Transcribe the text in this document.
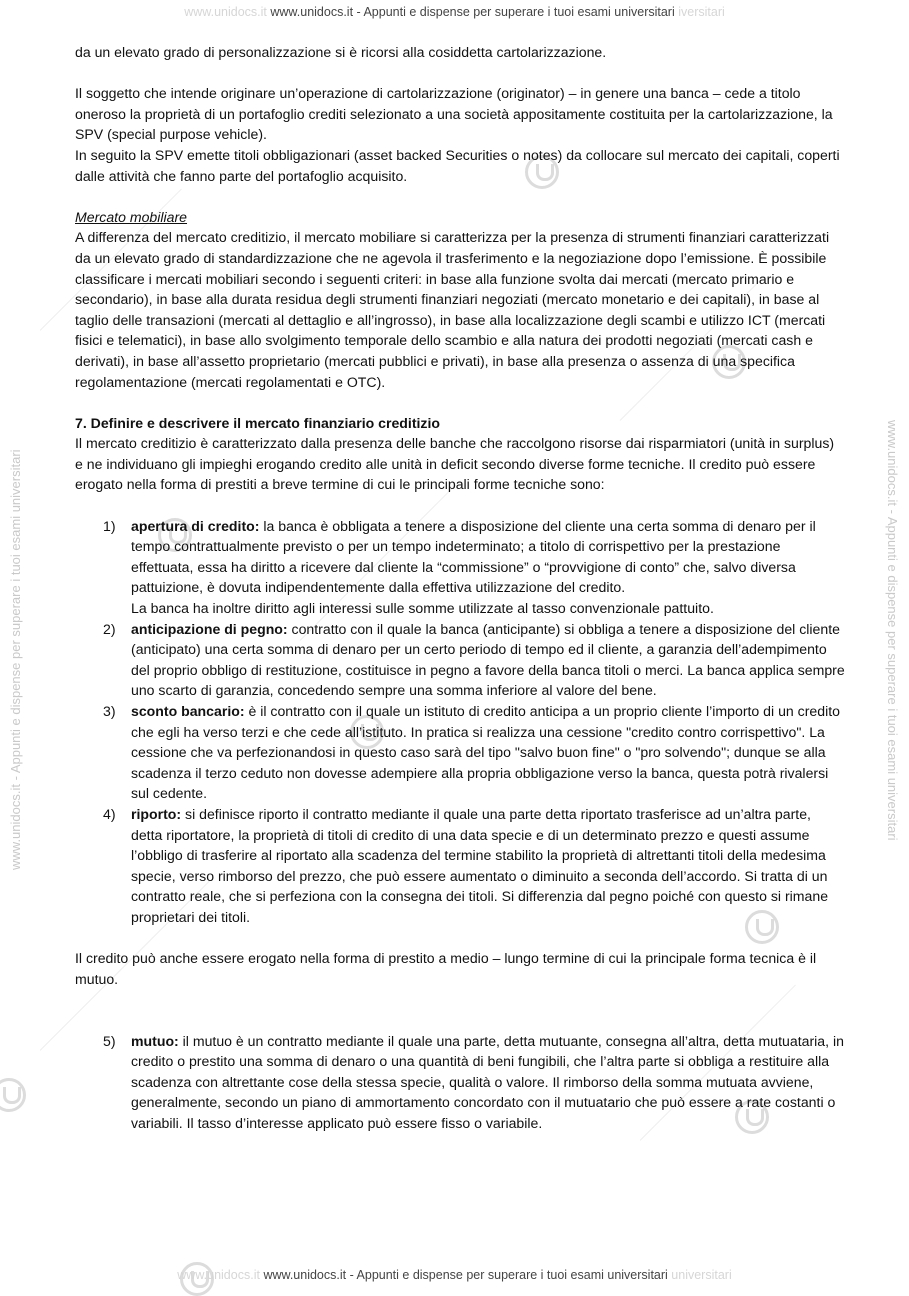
www.unidocs.it - Appunti e dispense per superare i tuoi esami universitari	www.unidocs.it - Appunti e dispense per superare i tuoi esami universitari
www.unidocs.it www.unidocs.it - Appunti e dispense per superare i tuoi esami universitari iversitari

da un elevato grado di personalizzazione si è ricorsi alla cosiddetta cartolarizzazione.

Il soggetto che intende originare un’operazione di cartolarizzazione (originator) – in genere una banca – cede a titolo oneroso la proprietà di un portafoglio crediti selezionato a una società appositamente costituita per la cartolarizzazione, la SPV (special purpose vehicle).

In seguito la SPV emette titoli obbligazionari (asset backed Securities o notes) da collocare sul mercato dei capitali, coperti dalle attività che fanno parte del portafoglio acquisito.

Mercato mobiliare

A differenza del mercato creditizio, il mercato mobiliare si caratterizza per la presenza di strumenti finanziari caratterizzati da un elevato grado di standardizzazione che ne agevola il trasferimento e la negoziazione dopo l’emissione. È possibile classificare i mercati mobiliari secondo i seguenti criteri: in base alla funzione svolta dai mercati (mercato primario e secondario), in base alla durata residua degli strumenti finanziari negoziati (mercato monetario e dei capitali), in base al taglio delle transazioni (mercati al dettaglio e all’ingrosso), in base alla localizzazione degli scambi e utilizzo ICT (mercati fisici e telematici), in base allo svolgimento temporale dello scambio e alla natura dei prodotti negoziati (mercati cash e derivati), in base all’assetto proprietario (mercati pubblici e privati), in base alla presenza o assenza di una specifica regolamentazione (mercati regolamentati e OTC).

7. Definire e descrivere il mercato finanziario creditizio

Il mercato creditizio è caratterizzato dalla presenza delle banche che raccolgono risorse dai risparmiatori (unità in surplus) e ne individuano gli impieghi erogando credito alle unità in deficit secondo diverse forme tecniche. Il credito può essere erogato nella forma di prestiti a breve termine di cui le principali forme tecniche sono:

1) apertura di credito: la banca è obbligata a tenere a disposizione del cliente una certa somma di denaro per il tempo contrattualmente previsto o per un tempo indeterminato; a titolo di corrispettivo per la prestazione effettuata, essa ha diritto a ricevere dal cliente la “commissione” o “provvigione di conto” che, salvo diversa pattuizione, è dovuta indipendentemente dalla effettiva utilizzazione del credito.
La banca ha inoltre diritto agli interessi sulle somme utilizzate al tasso convenzionale pattuito.
2) anticipazione di pegno: contratto con il quale la banca (anticipante) si obbliga a tenere a disposizione del cliente (anticipato) una certa somma di denaro per un certo periodo di tempo ed il cliente, a garanzia dell’adempimento del proprio obbligo di restituzione, costituisce in pegno a favore della banca titoli o merci. La banca applica sempre uno scarto di garanzia, concedendo sempre una somma inferiore al valore del bene.
3) sconto bancario: è il contratto con il quale un istituto di credito anticipa a un proprio cliente l’importo di un credito che egli ha verso terzi e che cede all’istituto. In pratica si realizza una cessione "credito contro corrispettivo". La cessione che va perfezionandosi in questo caso sarà del tipo "salvo buon fine" o "pro solvendo"; dunque se alla scadenza il terzo ceduto non dovesse adempiere alla propria obbligazione verso la banca, questa potrà rivalersi sul cedente.
4) riporto: si definisce riporto il contratto mediante il quale una parte detta riportato trasferisce ad un’altra parte, detta riportatore, la proprietà di titoli di credito di una data specie e di un determinato prezzo e questi assume l’obbligo di trasferire al riportato alla scadenza del termine stabilito la proprietà di altrettanti titoli della medesima specie, verso rimborso del prezzo, che può essere aumentato o diminuito a seconda dell’accordo. Si tratta di un contratto reale, che si perfeziona con la consegna dei titoli. Si differenzia dal pegno poiché con questo si rimane proprietari dei titoli.

Il credito può anche essere erogato nella forma di prestito a medio – lungo termine di cui la principale forma tecnica è il mutuo.

5) mutuo: il mutuo è un contratto mediante il quale una parte, detta mutuante, consegna all’altra, detta mutuataria, in credito o prestito una somma di denaro o una quantità di beni fungibili, che l’altra parte si obbliga a restituire alla scadenza con altrettante cose della stessa specie, qualità o valore. Il rimborso della somma mutuata avviene, generalmente, secondo un piano di ammortamento concordato con il mutuatario che può essere a rate costanti o variabili. Il tasso d’interesse applicato può essere fisso o variabile.
www.unidocs.it www.unidocs.it - Appunti e dispense per superare i tuoi esami universitari universitari
